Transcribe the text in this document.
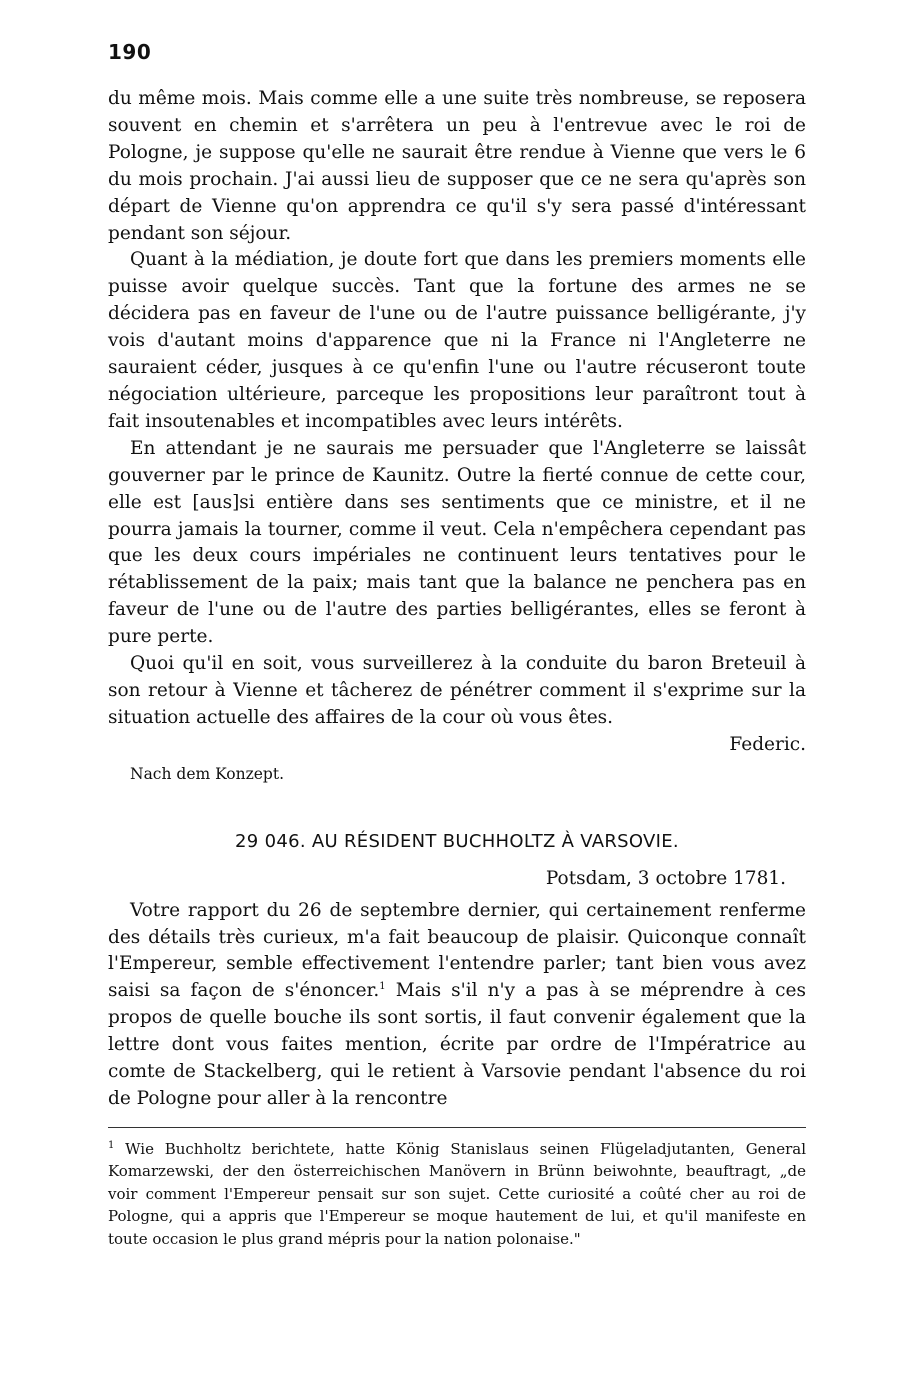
190

du même mois. Mais comme elle a une suite très nombreuse, se reposera souvent en chemin et s'arrêtera un peu à l'entrevue avec le roi de Pologne, je suppose qu'elle ne saurait être rendue à Vienne que vers le 6 du mois prochain. J'ai aussi lieu de supposer que ce ne sera qu'après son départ de Vienne qu'on apprendra ce qu'il s'y sera passé d'intéressant pendant son séjour.

Quant à la médiation, je doute fort que dans les premiers moments elle puisse avoir quelque succès. Tant que la fortune des armes ne se décidera pas en faveur de l'une ou de l'autre puissance belligérante, j'y vois d'autant moins d'apparence que ni la France ni l'Angleterre ne sauraient céder, jusques à ce qu'enfin l'une ou l'autre récuseront toute négociation ultérieure, parceque les propositions leur paraîtront tout à fait insoutenables et incompatibles avec leurs intérêts.

En attendant je ne saurais me persuader que l'Angleterre se laissât gouverner par le prince de Kaunitz. Outre la fierté connue de cette cour, elle est [aus]si entière dans ses sentiments que ce ministre, et il ne pourra jamais la tourner, comme il veut. Cela n'empêchera cependant pas que les deux cours impériales ne continuent leurs tentatives pour le rétablissement de la paix; mais tant que la balance ne penchera pas en faveur de l'une ou de l'autre des parties belligérantes, elles se feront à pure perte.

Quoi qu'il en soit, vous surveillerez à la conduite du baron Breteuil à son retour à Vienne et tâcherez de pénétrer comment il s'exprime sur la situation actuelle des affaires de la cour où vous êtes.

Federic.
Nach dem Konzept.
29 046. AU RÉSIDENT BUCHHOLTZ À VARSOVIE.
Potsdam, 3 octobre 1781.

Votre rapport du 26 de septembre dernier, qui certainement renferme des détails très curieux, m'a fait beaucoup de plaisir. Quiconque connaît l'Empereur, semble effectivement l'entendre parler; tant bien vous avez saisi sa façon de s'énoncer.$^1$ Mais s'il n'y a pas à se méprendre à ces propos de quelle bouche ils sont sortis, il faut convenir également que la lettre dont vous faites mention, écrite par ordre de l'Impératrice au comte de Stackelberg, qui le retient à Varsovie pendant l'absence du roi de Pologne pour aller à la rencontre

$^1$ Wie Buchholtz berichtete, hatte König Stanislaus seinen Flügeladjutanten, General Komarzewski, der den österreichischen Manövern in Brünn beiwohnte, beauftragt, „de voir comment l'Empereur pensait sur son sujet. Cette curiosité a coûté cher au roi de Pologne, qui a appris que l'Empereur se moque hautement de lui, et qu'il manifeste en toute occasion le plus grand mépris pour la nation polonaise."
